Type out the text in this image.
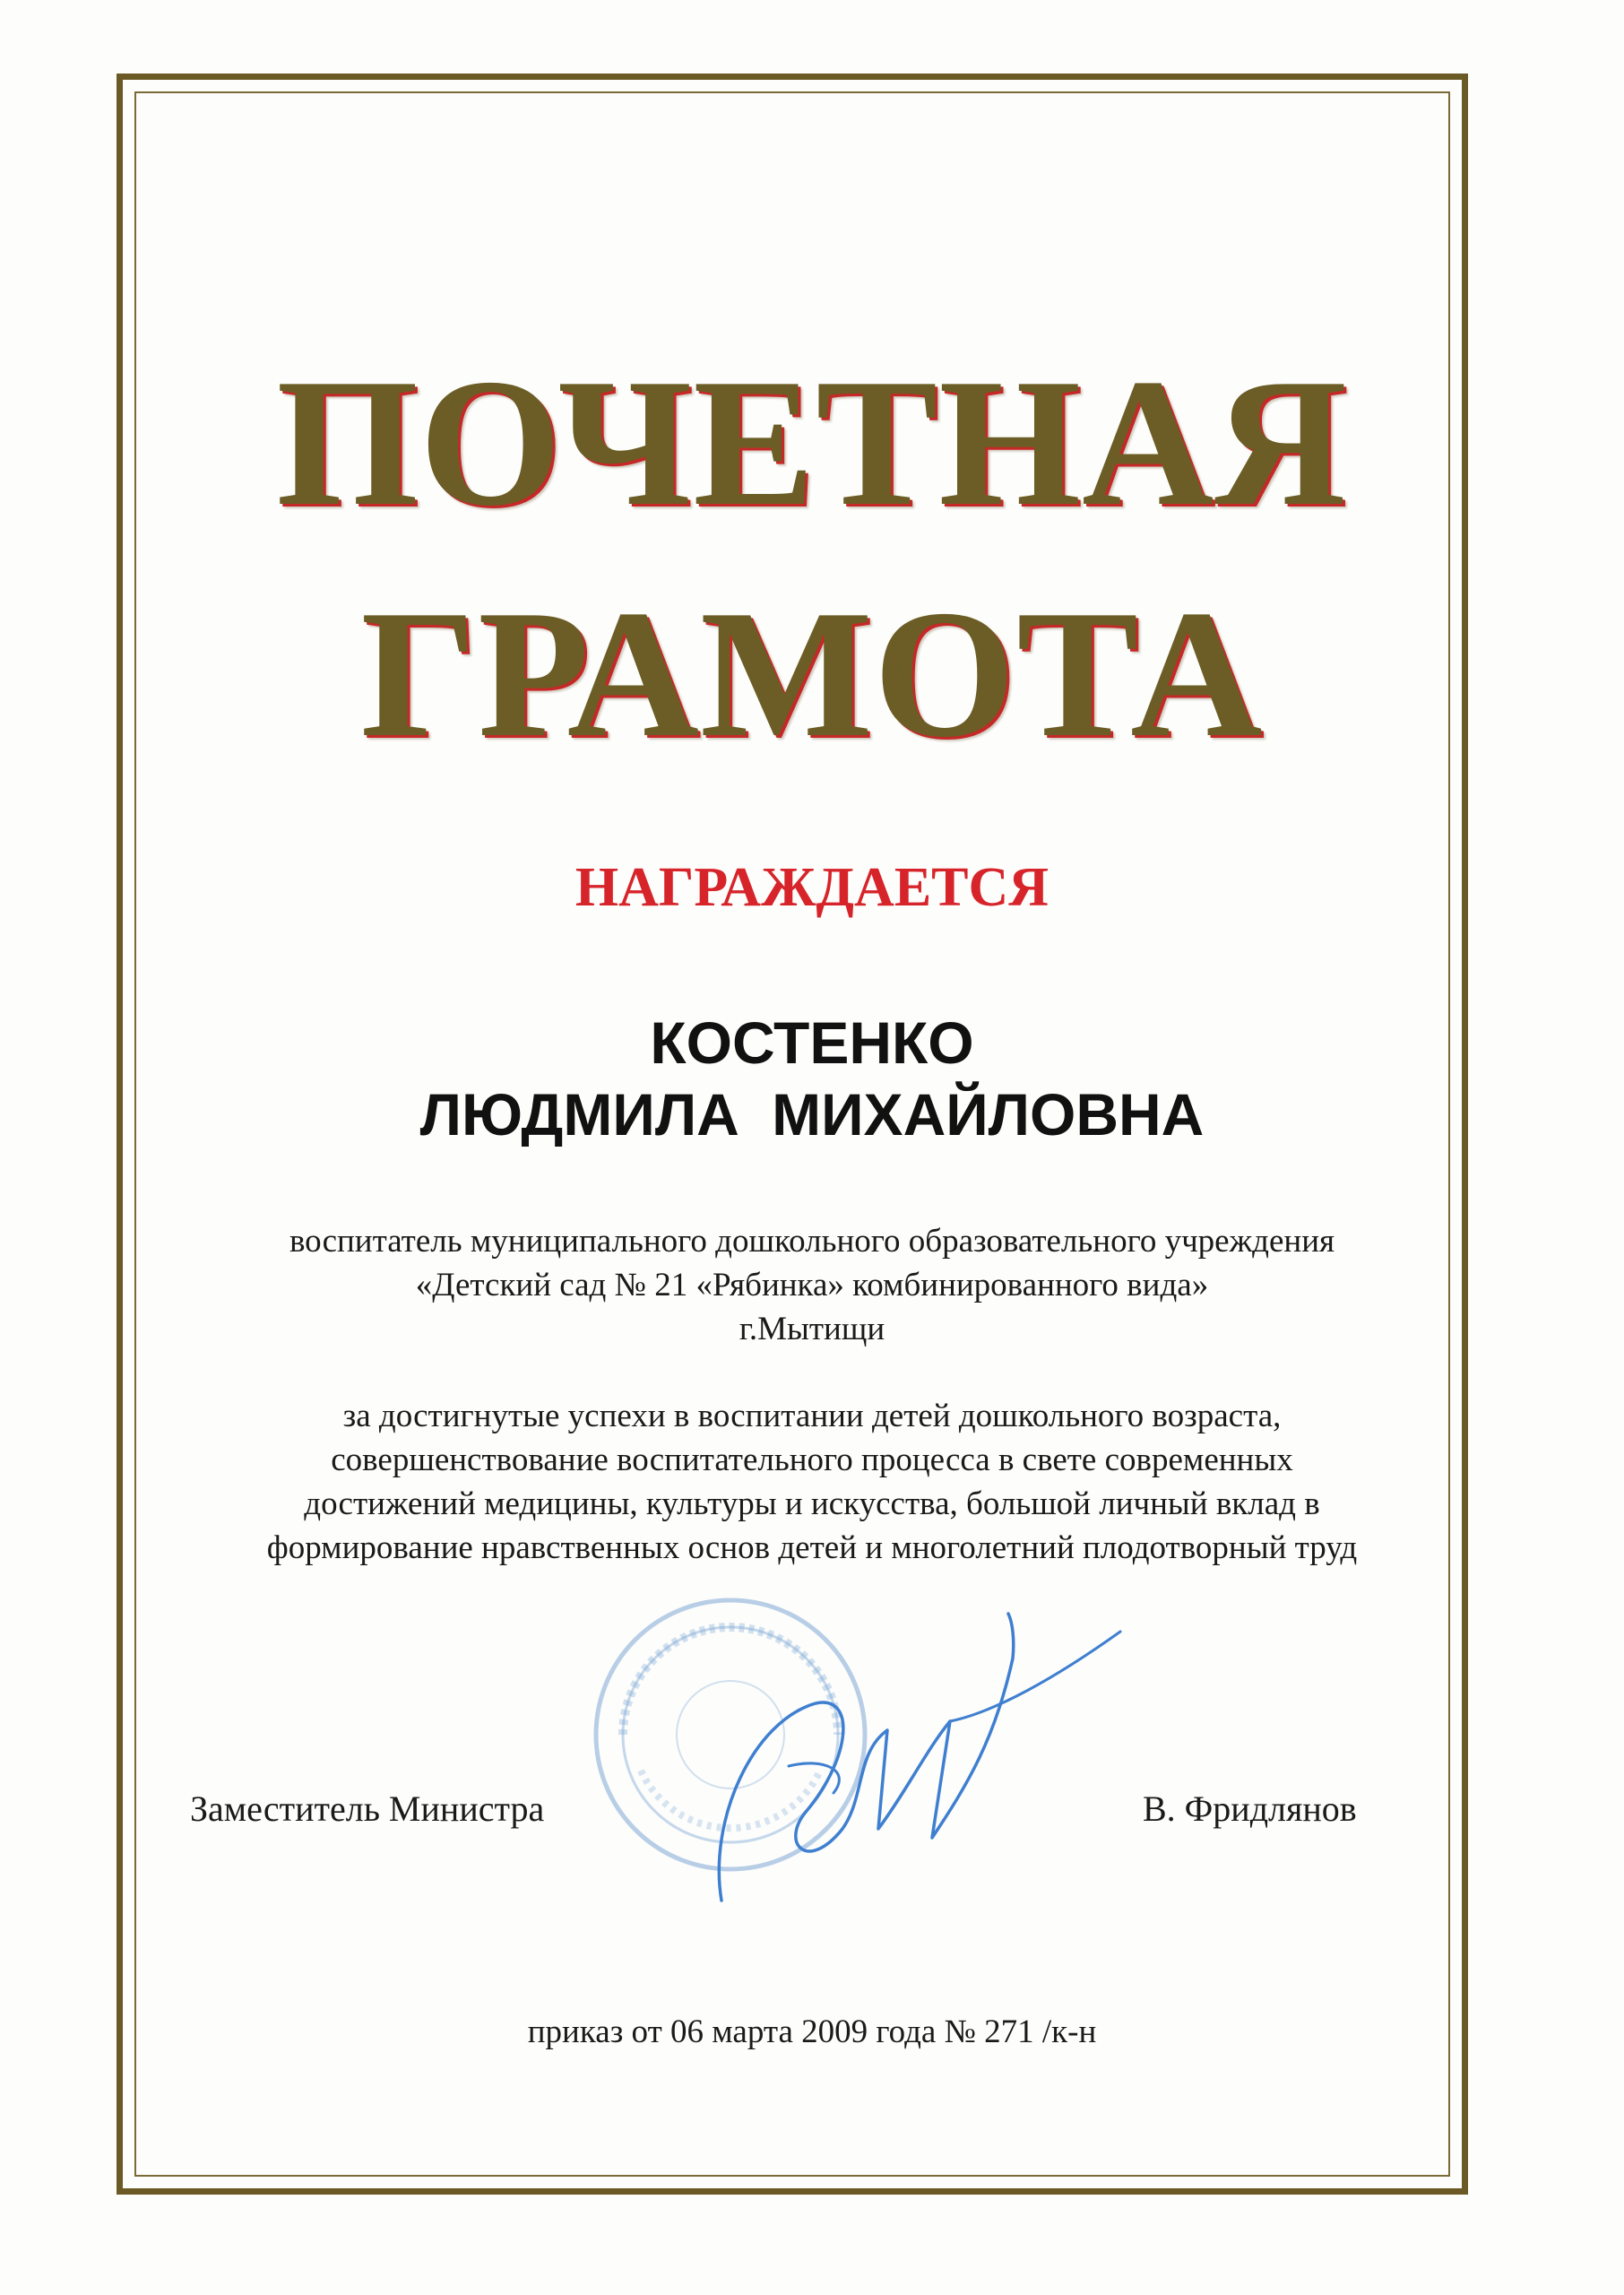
ПОЧЕТНАЯ
ГРАМОТА
НАГРАЖДАЕТСЯ
КОСТЕНКО
ЛЮДМИЛА МИХАЙЛОВНА
воспитатель муниципального дошкольного образовательного учреждения
«Детский сад № 21 «Рябинка» комбинированного вида»
г.Мытищи
за достигнутые успехи в воспитании детей дошкольного возраста,
совершенствование воспитательного процесса в свете современных
достижений медицины, культуры и искусства, большой личный вклад в
формирование нравственных основ детей и многолетний плодотворный труд
Заместитель Министра	В. Фридлянов
приказ от 06 марта 2009 года № 271 /к-н
